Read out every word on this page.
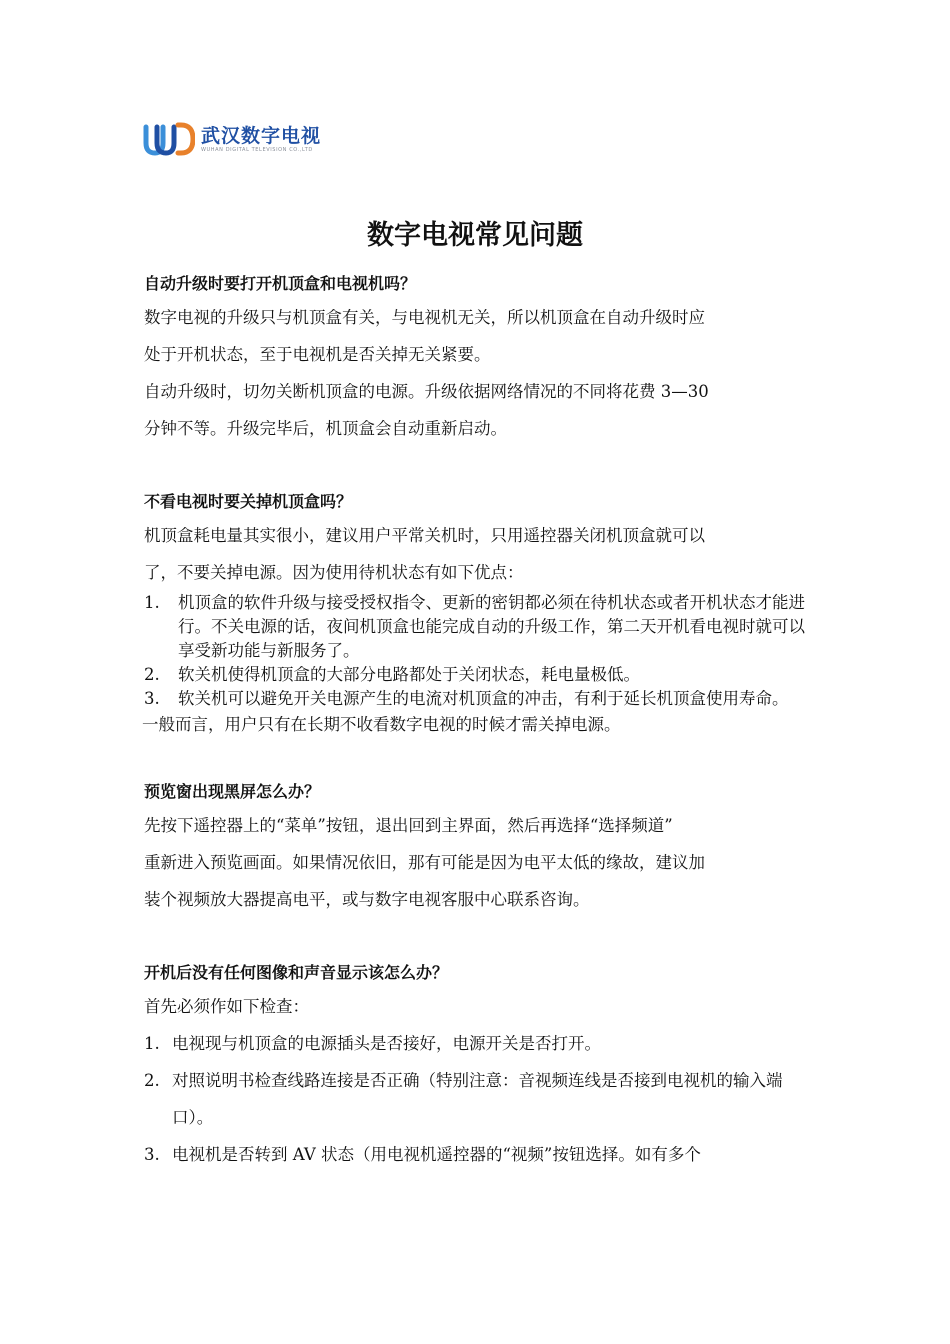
武汉数字电视
WUHAN DIGITAL TELEVISION CO.,LTD
数字电视常见问题
自动升级时要打开机顶盒和电视机吗？

数字电视的升级只与机顶盒有关，与电视机无关，所以机顶盒在自动升级时应

处于开机状态，至于电视机是否关掉无关紧要。

自动升级时，切勿关断机顶盒的电源。升级依据网络情况的不同将花费 3—30

分钟不等。升级完毕后，机顶盒会自动重新启动。

不看电视时要关掉机顶盒吗？

机顶盒耗电量其实很小，建议用户平常关机时，只用遥控器关闭机顶盒就可以

了，不要关掉电源。因为使用待机状态有如下优点：

1. 机顶盒的软件升级与接受授权指令、更新的密钥都必须在待机状态或者开机状态才能进行。不关电源的话，夜间机顶盒也能完成自动的升级工作，第二天开机看电视时就可以享受新功能与新服务了。
2. 软关机使得机顶盒的大部分电路都处于关闭状态，耗电量极低。
3. 软关机可以避免开关电源产生的电流对机顶盒的冲击，有利于延长机顶盒使用寿命。

一般而言，用户只有在长期不收看数字电视的时候才需关掉电源。

预览窗出现黑屏怎么办？

先按下遥控器上的“菜单”按钮，退出回到主界面，然后再选择“选择频道”

重新进入预览画面。如果情况依旧，那有可能是因为电平太低的缘故，建议加

装个视频放大器提高电平，或与数字电视客服中心联系咨询。

开机后没有任何图像和声音显示该怎么办？

首先必须作如下检查：

1. 电视现与机顶盒的电源插头是否接好，电源开关是否打开。
2. 对照说明书检查线路连接是否正确（特别注意：音视频连线是否接到电视机的输入端口）。
3. 电视机是否转到 AV 状态（用电视机遥控器的“视频”按钮选择。如有多个
